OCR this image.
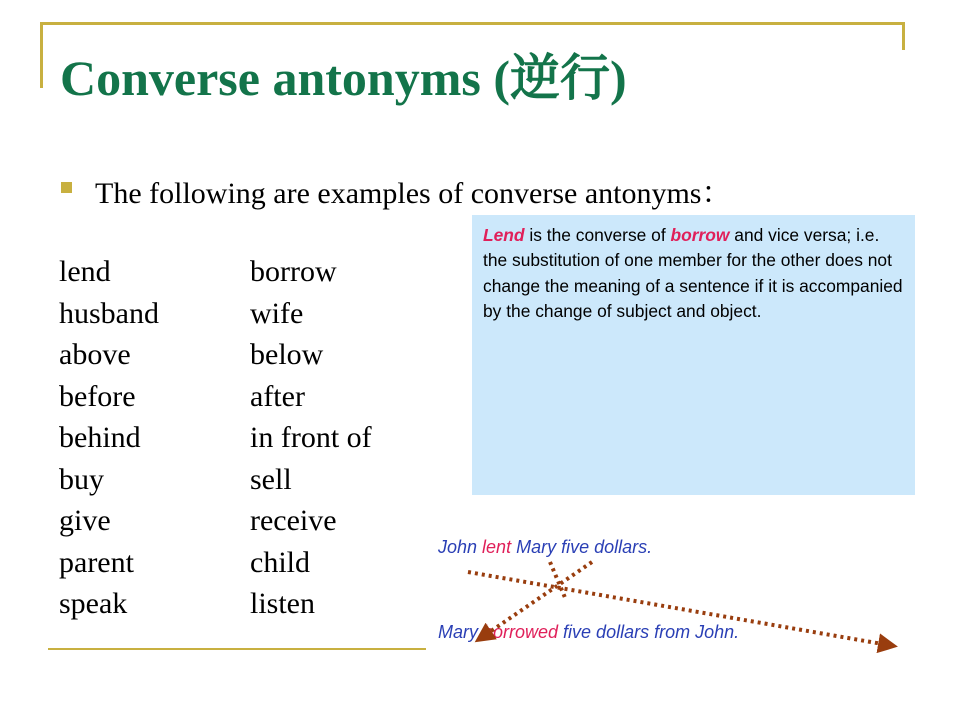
Converse antonyms (逆行)
The following are examples of converse antonyms：
lend	borrow
husband	wife
above	below
before	after
behind	in front of
buy	sell
give	receive
parent	child
speak	listen
Lend is the converse of borrow and vice versa; i.e. the substitution of one member for the other does not change the meaning of a sentence if it is accompanied by the change of subject and object.
John lent Mary five dollars.
Mary borrowed five dollars from John.
